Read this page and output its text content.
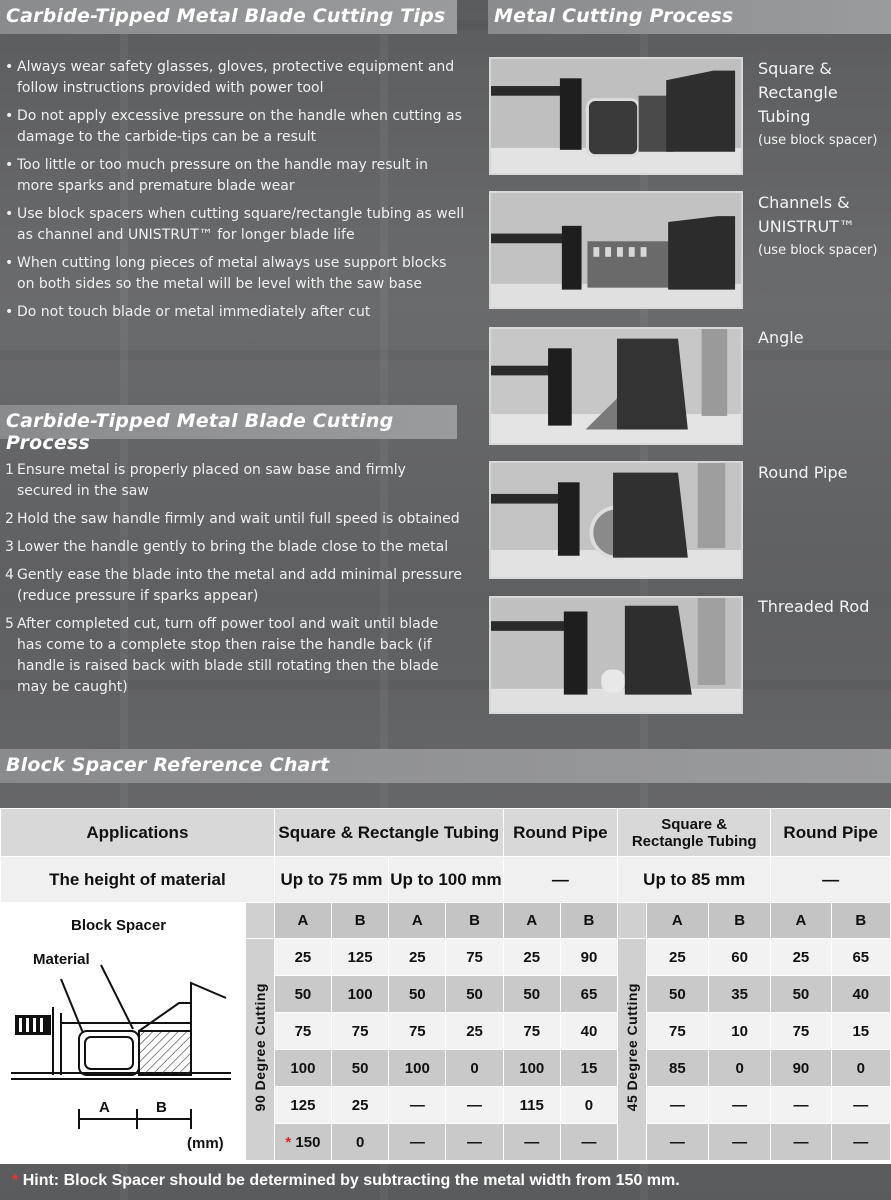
Carbide-Tipped Metal Blade Cutting Tips	Metal Cutting Process
Carbide-Tipped Metal Blade Cutting Process
Block Spacer Reference Chart
• Always wear safety glasses, gloves, protective equipment and follow instructions provided with power tool
• Do not apply excessive pressure on the handle when cutting as damage to the carbide-tips can be a result
• Too little or too much pressure on the handle may result in more sparks and premature blade wear
• Use block spacers when cutting square/rectangle tubing as well as channel and UNISTRUT™ for longer blade life
• When cutting long pieces of metal always use support blocks on both sides so the metal will be level with the saw base
• Do not touch blade or metal immediately after cut
1 Ensure metal is properly placed on saw base and firmly secured in the saw
2 Hold the saw handle firmly and wait until full speed is obtained
3 Lower the handle gently to bring the blade close to the metal
4 Gently ease the blade into the metal and add minimal pressure (reduce pressure if sparks appear)
5 After completed cut, turn off power tool and wait until blade has come to a complete stop then raise the handle back (if handle is raised back with blade still rotating then the blade may be caught)
Square &
Rectangle Tubing
(use block spacer)
Channels &
UNISTRUT™
(use block spacer)
Angle
Round Pipe
Threaded Rod
Applications		Square & Rectangle Tubing				Round Pipe		Square &
Rectangle Tubing			Round Pipe	
The height of material		Up to 75 mm		Up to 100 mm		—		Up to 85 mm			—	

Block Spacer
Material
A B
(mm)		A	B	A	B	A	B		A	B	A	B
	90 Degree Cutting	25	125	25	75	25	90	45 Degree Cutting	25	60	25	65
		50	100	50	50	50	65		50	35	50	40
		75	75	75	25	75	40		75	10	75	15
		100	50	100	0	100	15		85	0	90	0
		125	25	—	—	115	0		—	—	—	—
		* 150	0	—	—	—	—		—	—	—	—
* Hint: Block Spacer should be determined by subtracting the metal width from 150 mm.
